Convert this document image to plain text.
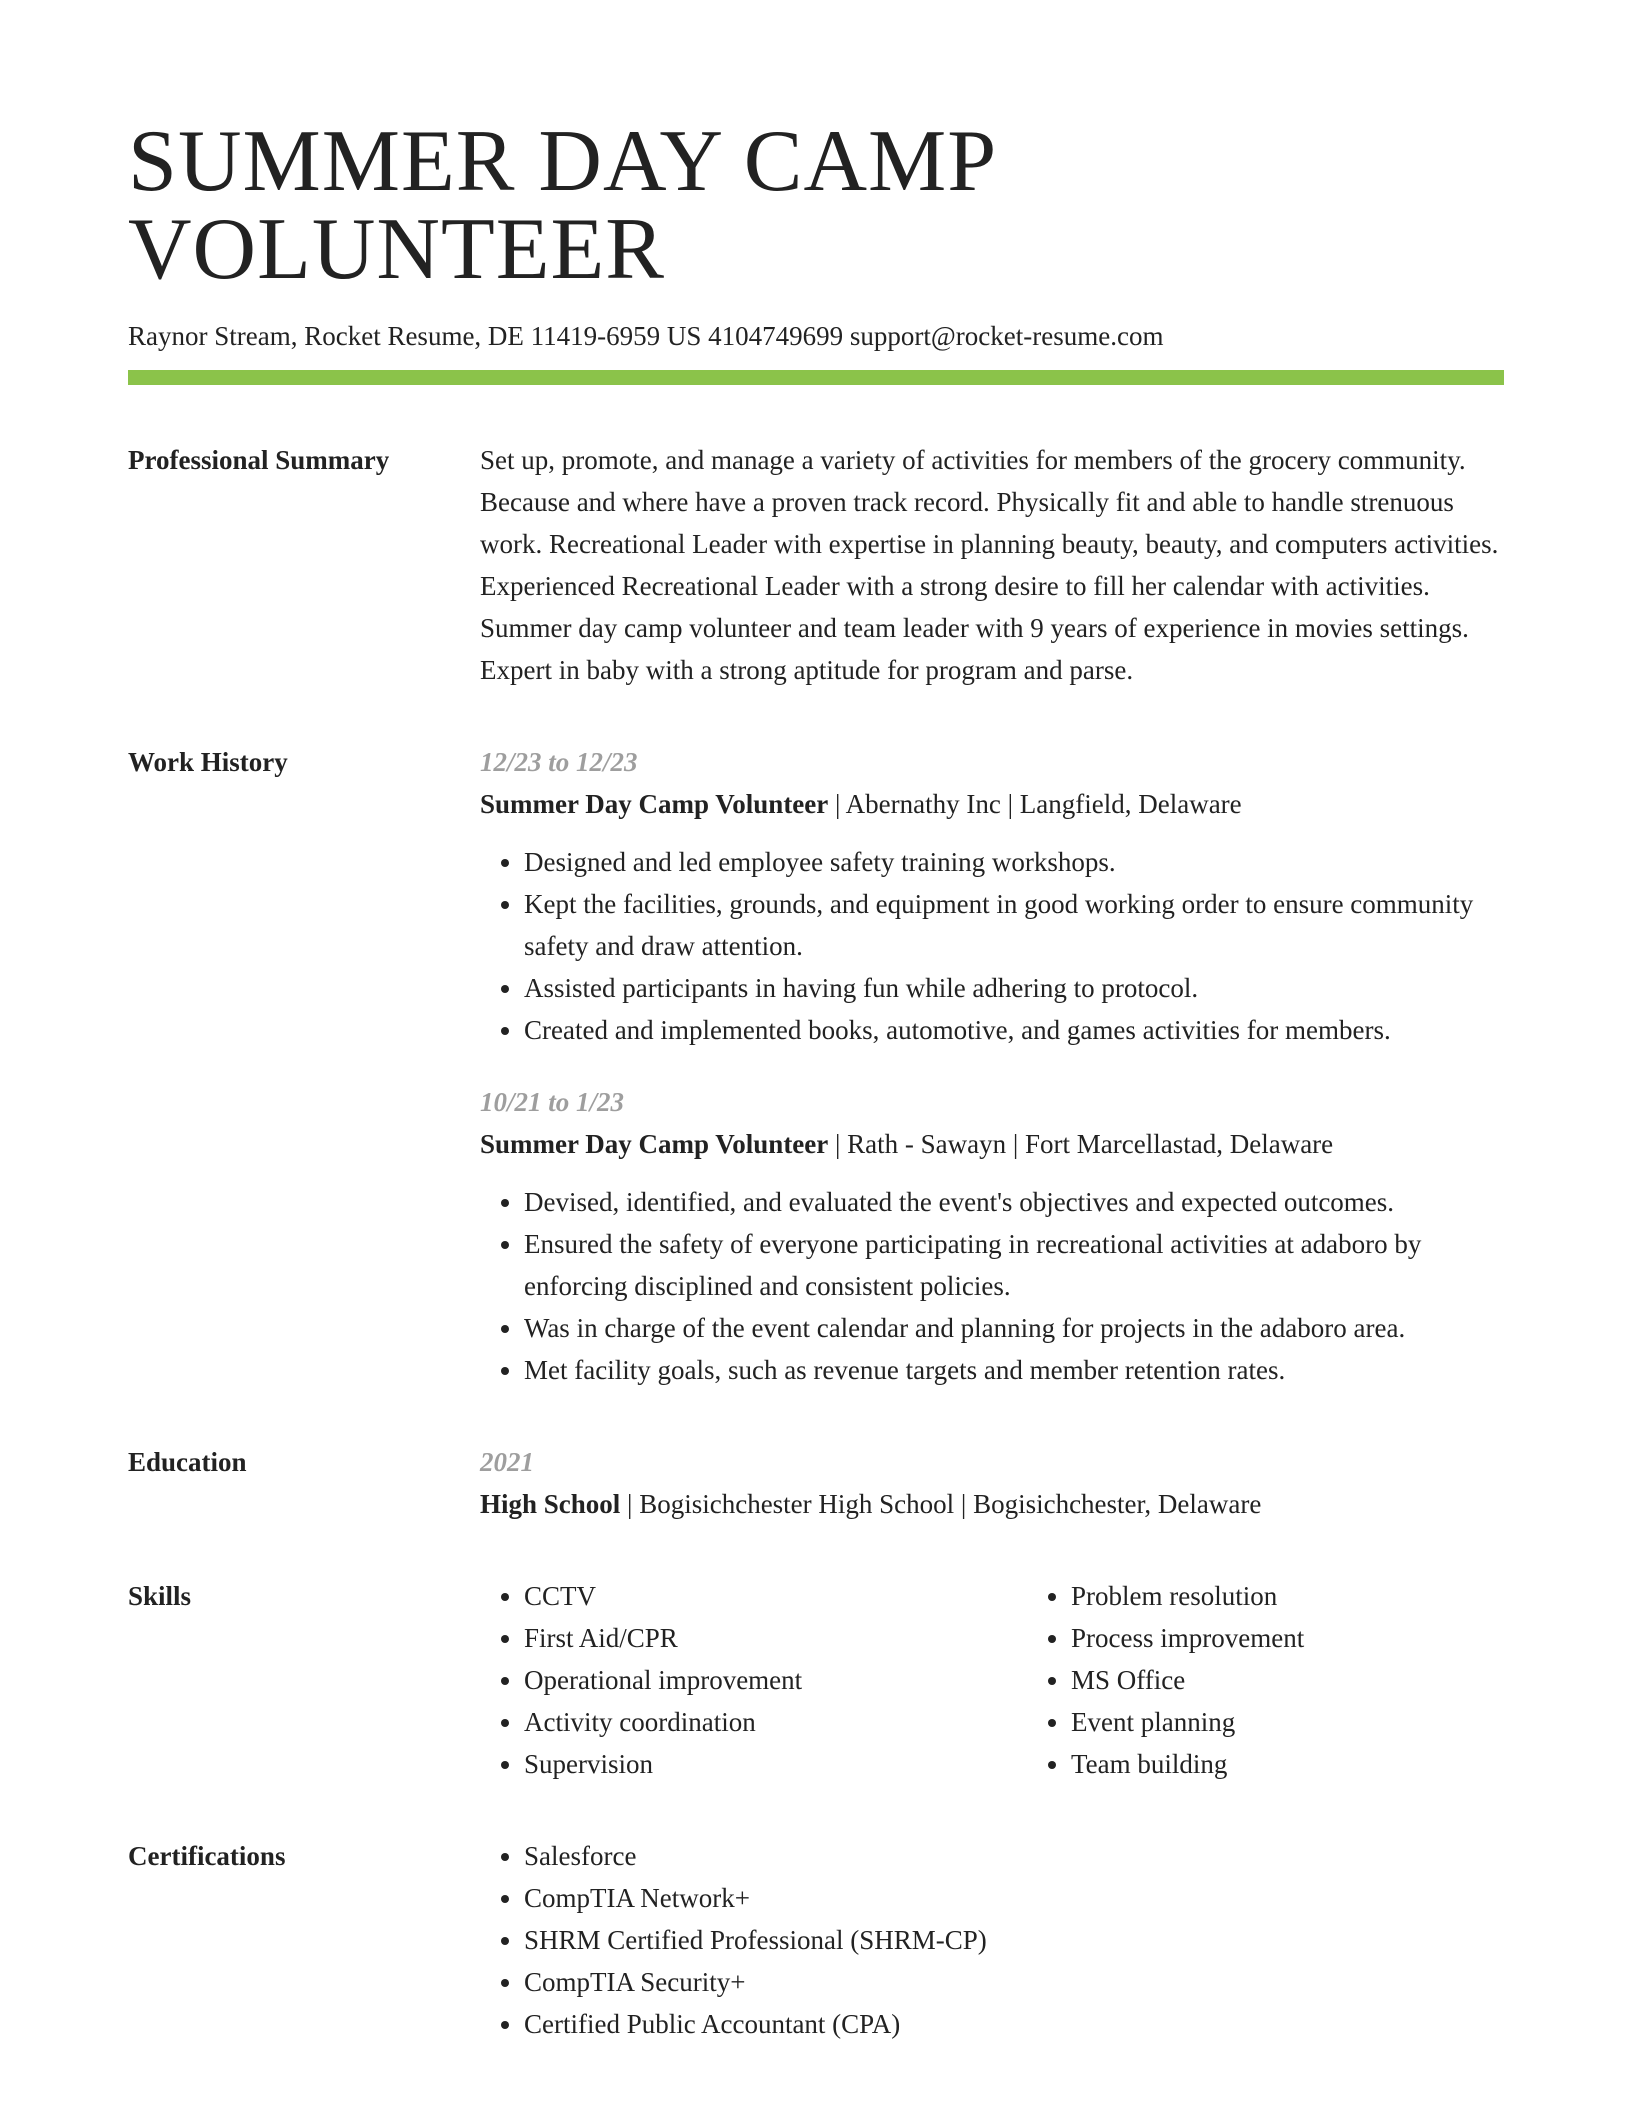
SUMMER DAY CAMP VOLUNTEER
Raynor Stream, Rocket Resume, DE 11419-6959 US 4104749699 support@rocket-resume.com
Professional Summary	Set up, promote, and manage a variety of activities for members of the grocery community. Because and where have a proven track record. Physically fit and able to handle strenuous work. Recreational Leader with expertise in planning beauty, beauty, and computers activities. Experienced Recreational Leader with a strong desire to fill her calendar with activities. Summer day camp volunteer and team leader with 9 years of experience in movies settings. Expert in baby with a strong aptitude for program and parse.
Work History	12/23 to 12/23
Summer Day Camp Volunteer | Abernathy Inc | Langfield, Delaware
• Designed and led employee safety training workshops.
• Kept the facilities, grounds, and equipment in good working order to ensure community safety and draw attention.
• Assisted participants in having fun while adhering to protocol.
• Created and implemented books, automotive, and games activities for members.
10/21 to 1/23
Summer Day Camp Volunteer | Rath - Sawayn | Fort Marcellastad, Delaware
• Devised, identified, and evaluated the event's objectives and expected outcomes.
• Ensured the safety of everyone participating in recreational activities at adaboro by enforcing disciplined and consistent policies.
• Was in charge of the event calendar and planning for projects in the adaboro area.
• Met facility goals, such as revenue targets and member retention rates.
Education	2021
High School | Bogisichchester High School | Bogisichchester, Delaware
Skills	• CCTV
• First Aid/CPR
• Operational improvement
• Activity coordination
• Supervision
• Problem resolution
• Process improvement
• MS Office
• Event planning
• Team building
Certifications	• Salesforce
• CompTIA Network+
• SHRM Certified Professional (SHRM-CP)
• CompTIA Security+
• Certified Public Accountant (CPA)
